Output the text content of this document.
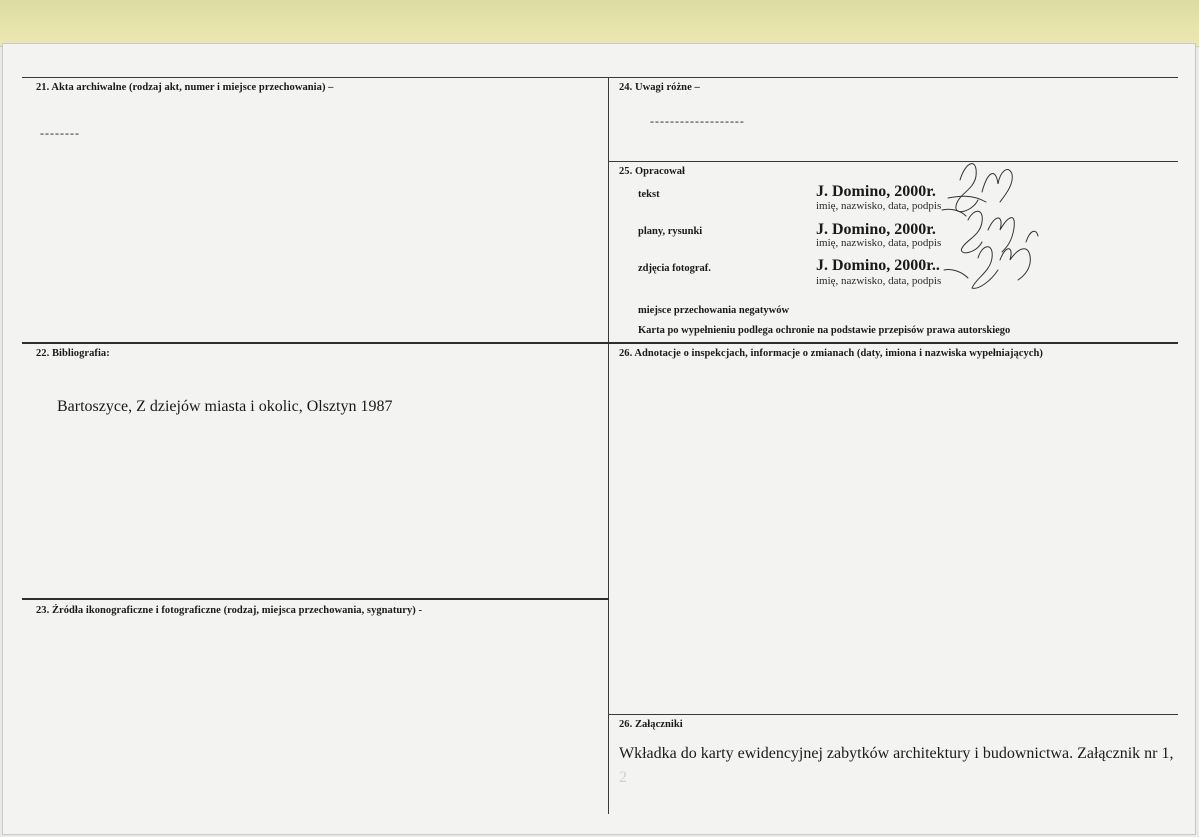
21. Akta archiwalne (rodzaj akt, numer i miejsce przechowania) –
--------
24. Uwagi różne –
-------------------
25. Opracował
tekst	J. Domino, 2000r.
imię, nazwisko, data, podpis
plany, rysunki	J. Domino, 2000r.
imię, nazwisko, data, podpis
zdjęcia fotograf.	J. Domino, 2000r..
imię, nazwisko, data, podpis
miejsce przechowania negatywów
Karta po wypełnieniu podlega ochronie na podstawie przepisów prawa autorskiego
22. Bibliografia:
Bartoszyce, Z dziejów miasta i okolic, Olsztyn 1987
26. Adnotacje o inspekcjach, informacje o zmianach (daty, imiona i nazwiska wypełniających)
23. Źródła ikonograficzne i fotograficzne (rodzaj, miejsca przechowania, sygnatury) -
26. Załączniki
Wkładka do karty ewidencyjnej zabytków architektury i budownictwa. Załącznik nr 1, 2
